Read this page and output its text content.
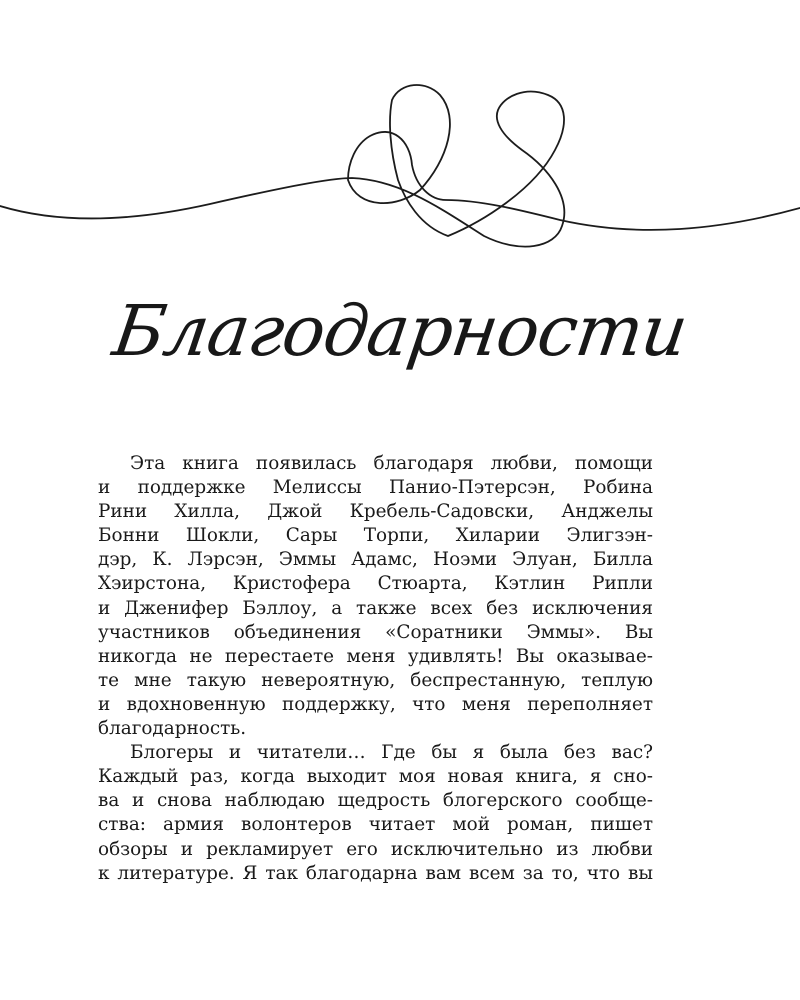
Благодарности
Эта книга появилась благодаря любви, помощи
и поддержке Мелиссы Панио-Пэтерсэн, Робина
Рини Хилла, Джой Кребель-Садовски, Анджелы
Бонни Шокли, Сары Торпи, Хиларии Элигзэн-
дэр, К. Лэрсэн, Эммы Адамс, Ноэми Элуан, Билла
Хэирстона, Кристофера Стюарта, Кэтлин Рипли
и Дженифер Бэллоу, а также всех без исключения
участников объединения «Соратники Эммы». Вы
никогда не перестаете меня удивлять! Вы оказывае-
те мне такую невероятную, беспрестанную, теплую
и вдохновенную поддержку, что меня переполняет
благодарность.
Блогеры и читатели… Где бы я была без вас?
Каждый раз, когда выходит моя новая книга, я сно-
ва и снова наблюдаю щедрость блогерского сообще-
ства: армия волонтеров читает мой роман, пишет
обзоры и рекламирует его исключительно из любви
к литературе. Я так благодарна вам всем за то, что вы
